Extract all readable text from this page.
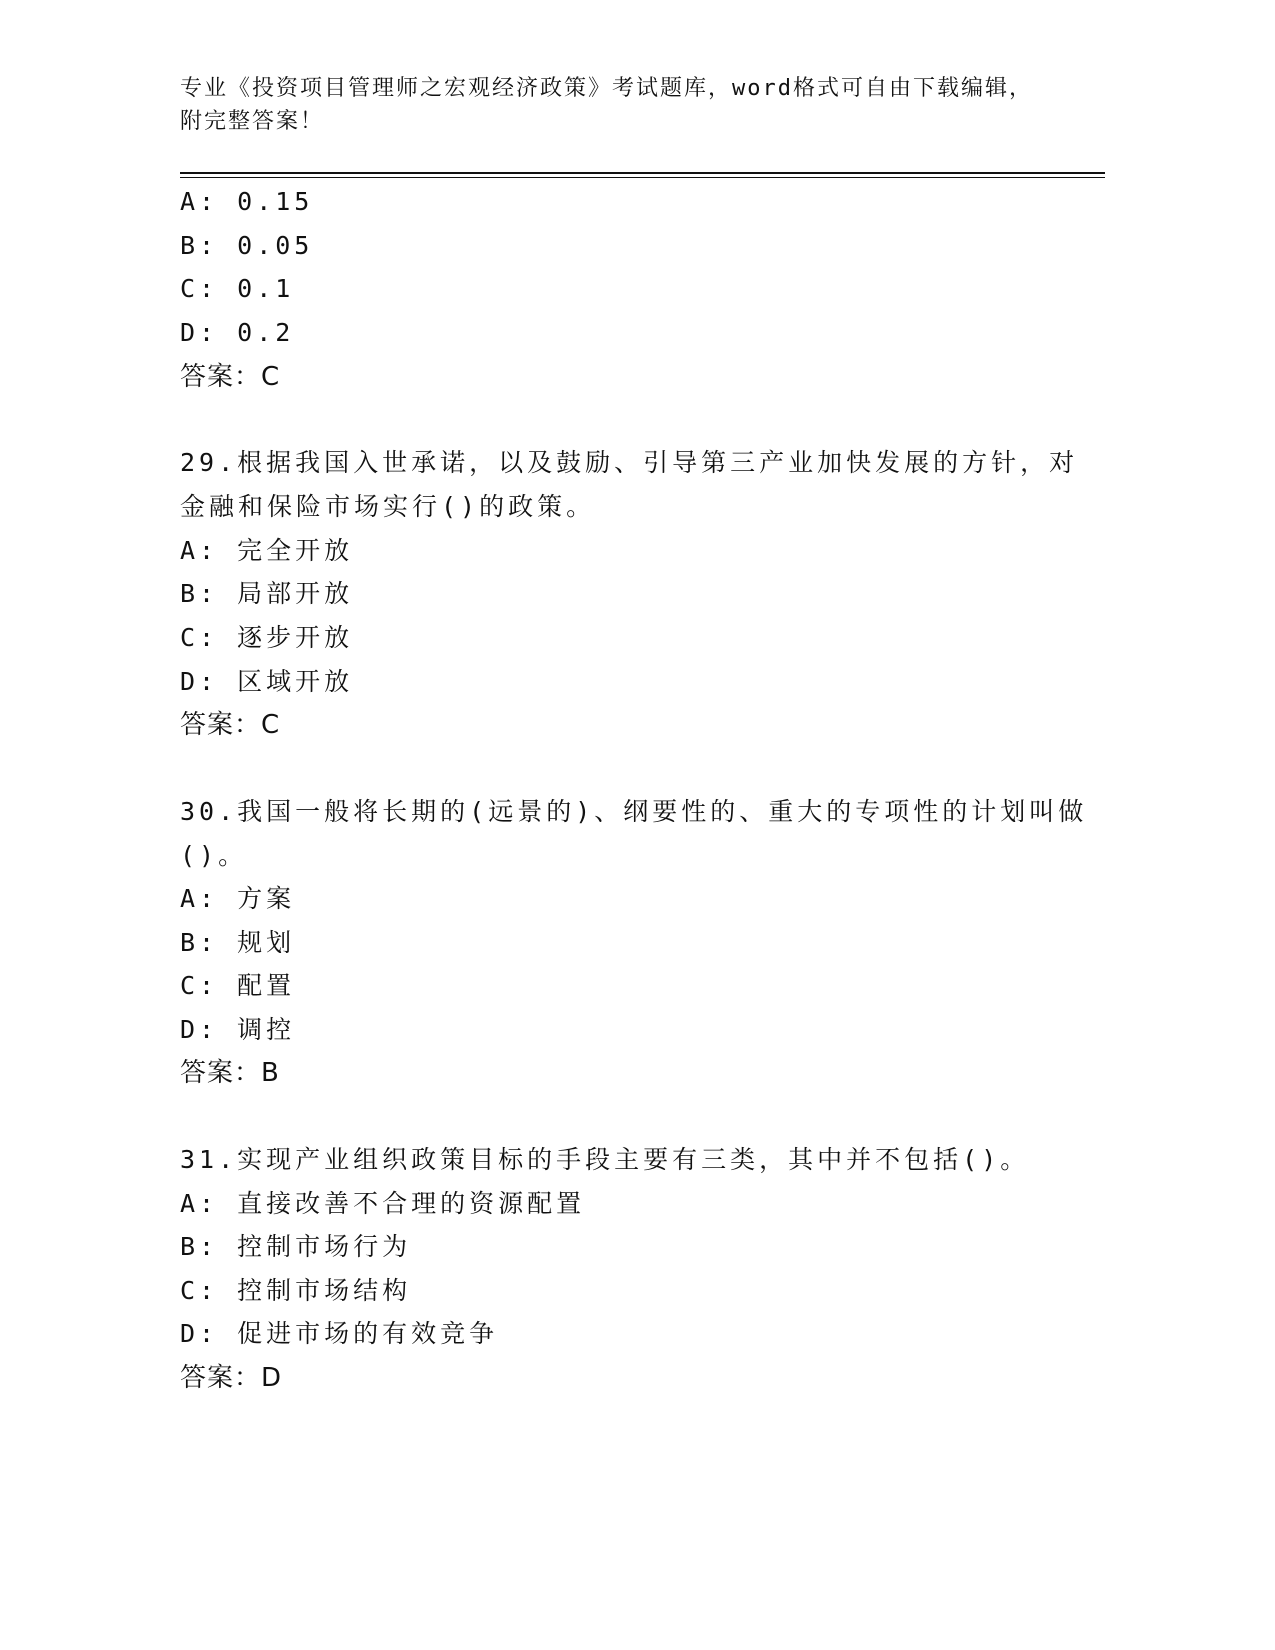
专业《投资项目管理师之宏观经济政策》考试题库，word格式可自由下载编辑，
附完整答案！
A: 0.15
B: 0.05
C: 0.1
D: 0.2
答案：C
29.根据我国入世承诺，以及鼓励、引导第三产业加快发展的方针，对
金融和保险市场实行()的政策。
A: 完全开放
B: 局部开放
C: 逐步开放
D: 区域开放
答案：C
30.我国一般将长期的(远景的)、纲要性的、重大的专项性的计划叫做
()。
A: 方案
B: 规划
C: 配置
D: 调控
答案：B
31.实现产业组织政策目标的手段主要有三类，其中并不包括()。
A: 直接改善不合理的资源配置
B: 控制市场行为
C: 控制市场结构
D: 促进市场的有效竞争
答案：D
